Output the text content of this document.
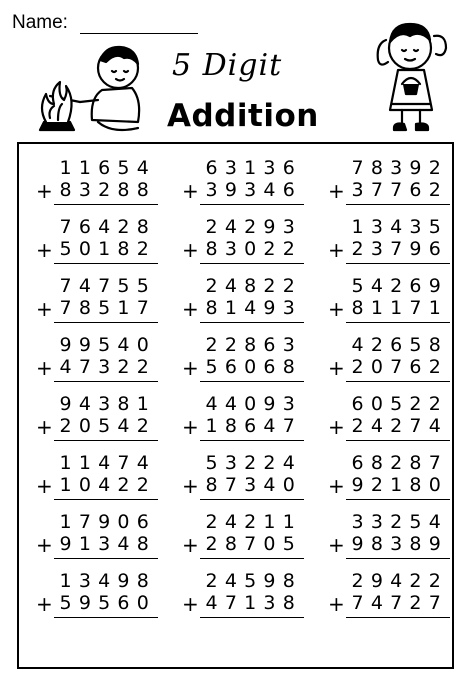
Name:
5 Digit
Addition
11654
+ 83288
63136
+ 39346
78392
+ 37762
76428
+ 50182
24293
+ 83022
13435
+ 23796
74755
+ 78517
24822
+ 81493
54269
+ 81171
99540
+ 47322
22863
+ 56068
42658
+ 20762
94381
+ 20542
44093
+ 18647
60522
+ 24274
11474
+ 10422
53224
+ 87340
68287
+ 92180
17906
+ 91348
24211
+ 28705
33254
+ 98389
13498
+ 59560
24598
+ 47138
29422
+ 74727
